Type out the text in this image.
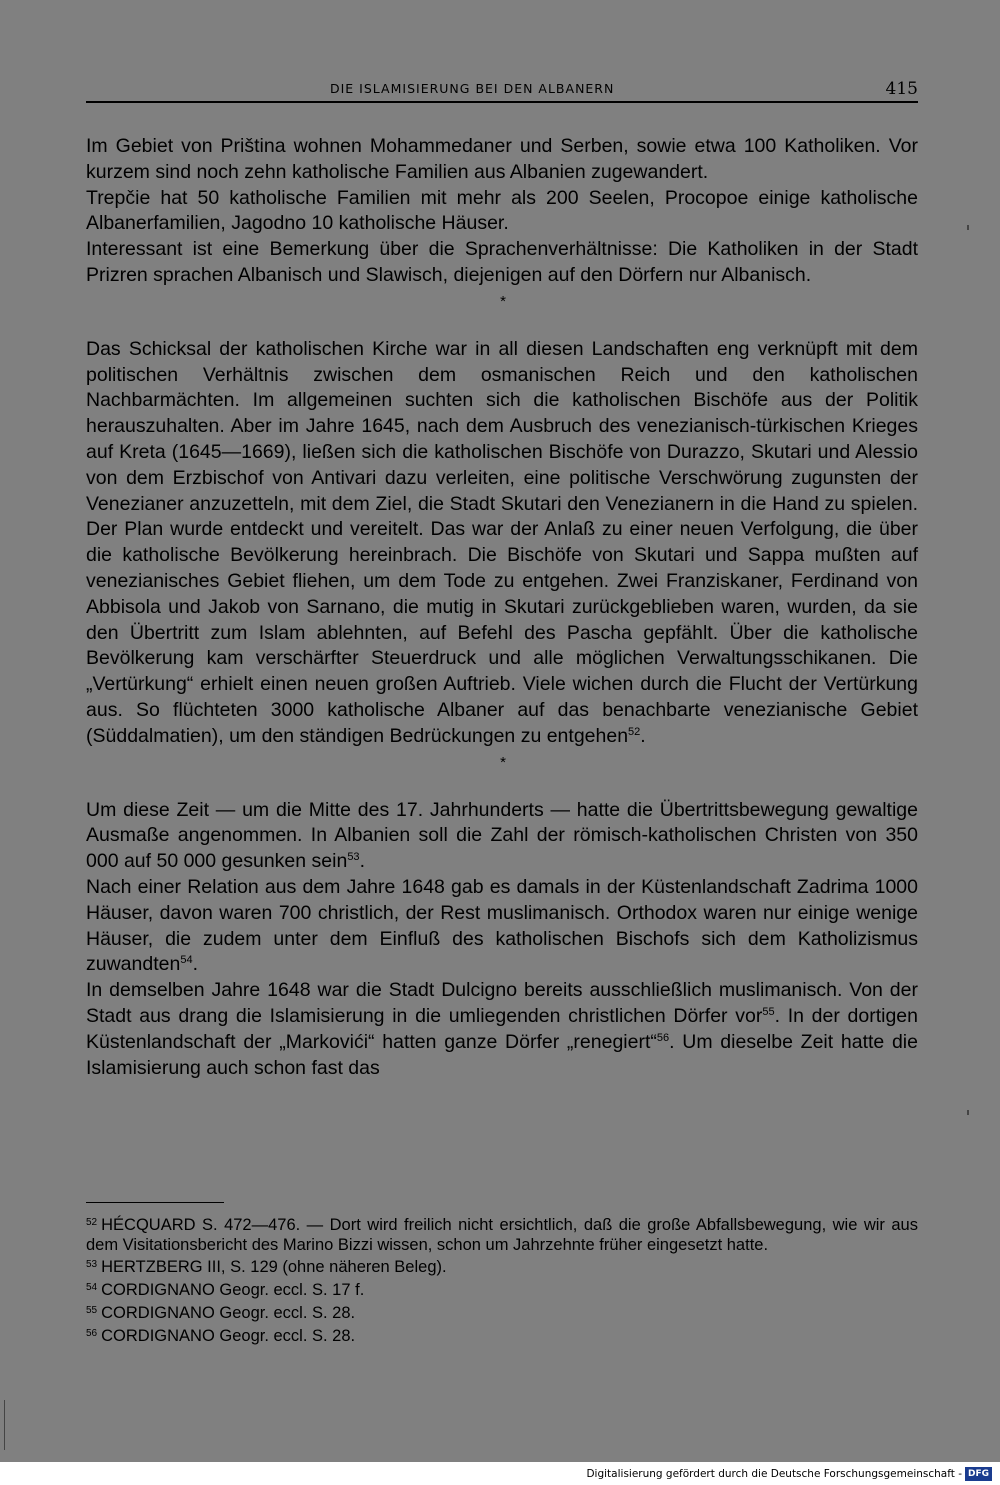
DIE ISLAMISIERUNG BEI DEN ALBANERN	415

Im Gebiet von Priština wohnen Mohammedaner und Serben, sowie etwa 100 Katholiken. Vor kurzem sind noch zehn katholische Familien aus Albanien zugewandert.

Trepčie hat 50 katholische Familien mit mehr als 200 Seelen, Procopoe einige katholische Albanerfamilien, Jagodno 10 katholische Häuser.

Interessant ist eine Bemerkung über die Sprachenverhältnisse: Die Katholiken in der Stadt Prizren sprachen Albanisch und Slawisch, diejenigen auf den Dörfern nur Albanisch.

*

Das Schicksal der katholischen Kirche war in all diesen Landschaften eng verknüpft mit dem politischen Verhältnis zwischen dem osmanischen Reich und den katholischen Nachbarmächten. Im allgemeinen suchten sich die katholischen Bischöfe aus der Politik herauszuhalten. Aber im Jahre 1645, nach dem Ausbruch des venezianisch-türkischen Krieges auf Kreta (1645—1669), ließen sich die katholischen Bischöfe von Durazzo, Skutari und Alessio von dem Erzbischof von Antivari dazu verleiten, eine politische Verschwörung zugunsten der Venezianer anzuzetteln, mit dem Ziel, die Stadt Skutari den Venezianern in die Hand zu spielen. Der Plan wurde entdeckt und vereitelt. Das war der Anlaß zu einer neuen Verfolgung, die über die katholische Bevölkerung hereinbrach. Die Bischöfe von Skutari und Sappa mußten auf venezianisches Gebiet fliehen, um dem Tode zu entgehen. Zwei Franziskaner, Ferdinand von Abbisola und Jakob von Sarnano, die mutig in Skutari zurückgeblieben waren, wurden, da sie den Übertritt zum Islam ablehnten, auf Befehl des Pascha gepfählt. Über die katholische Bevölkerung kam verschärfter Steuerdruck und alle möglichen Verwaltungsschikanen. Die „Vertürkung“ erhielt einen neuen großen Auftrieb. Viele wichen durch die Flucht der Vertürkung aus. So flüchteten 3000 katholische Albaner auf das benachbarte venezianische Gebiet (Süddalmatien), um den ständigen Bedrückungen zu entgehen$^{52}$.

*

Um diese Zeit — um die Mitte des 17. Jahrhunderts — hatte die Übertrittsbewegung gewaltige Ausmaße angenommen. In Albanien soll die Zahl der römisch-katholischen Christen von 350 000 auf 50 000 gesunken sein$^{53}$.

Nach einer Relation aus dem Jahre 1648 gab es damals in der Küstenlandschaft Zadrima 1000 Häuser, davon waren 700 christlich, der Rest muslimanisch. Orthodox waren nur einige wenige Häuser, die zudem unter dem Einfluß des katholischen Bischofs sich dem Katholizismus zuwandten$^{54}$.

In demselben Jahre 1648 war die Stadt Dulcigno bereits ausschließlich muslimanisch. Von der Stadt aus drang die Islamisierung in die umliegenden christlichen Dörfer vor$^{55}$. In der dortigen Küstenlandschaft der „Markovići“ hatten ganze Dörfer „renegiert“$^{56}$. Um dieselbe Zeit hatte die Islamisierung auch schon fast das

$^{52}$ HÉCQUARD S. 472—476. — Dort wird freilich nicht ersichtlich, daß die große Abfallsbewegung, wie wir aus dem Visitationsbericht des Marino Bizzi wissen, schon um Jahrzehnte früher eingesetzt hatte.

$^{53}$ HERTZBERG III, S. 129 (ohne näheren Beleg).

$^{54}$ CORDIGNANO Geogr. eccl. S. 17 f.

$^{55}$ CORDIGNANO Geogr. eccl. S. 28.

$^{56}$ CORDIGNANO Geogr. eccl. S. 28.

Digitalisierung gefördert durch die Deutsche Forschungsgemeinschaft - DFG
